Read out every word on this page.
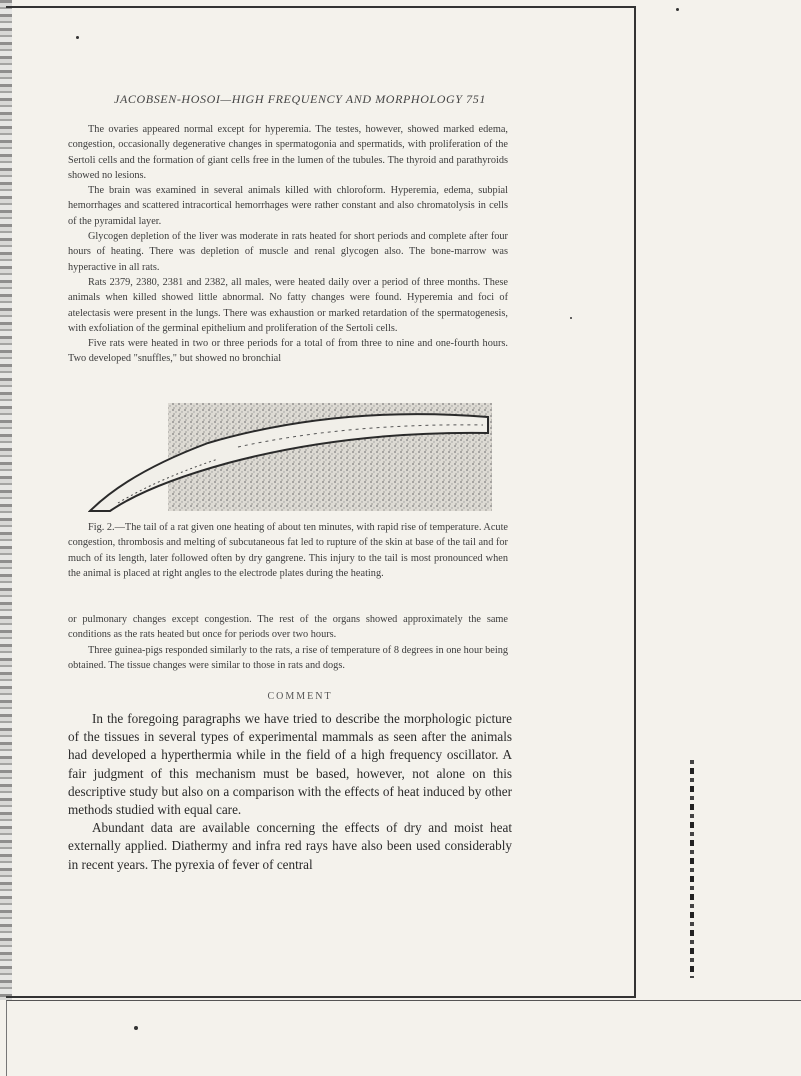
JACOBSEN-HOSOI—HIGH FREQUENCY AND MORPHOLOGY 751

The ovaries appeared normal except for hyperemia. The testes, however, showed marked edema, congestion, occasionally degenerative changes in spermatogonia and spermatids, with proliferation of the Sertoli cells and the formation of giant cells free in the lumen of the tubules. The thyroid and parathyroids showed no lesions.

The brain was examined in several animals killed with chloroform. Hyperemia, edema, subpial hemorrhages and scattered intracortical hemorrhages were rather constant and also chromatolysis in cells of the pyramidal layer.

Glycogen depletion of the liver was moderate in rats heated for short periods and complete after four hours of heating. There was depletion of muscle and renal glycogen also. The bone-marrow was hyperactive in all rats.

Rats 2379, 2380, 2381 and 2382, all males, were heated daily over a period of three months. These animals when killed showed little abnormal. No fatty changes were found. Hyperemia and foci of atelectasis were present in the lungs. There was exhaustion or marked retardation of the spermatogenesis, with exfoliation of the germinal epithelium and proliferation of the Sertoli cells.

Five rats were heated in two or three periods for a total of from three to nine and one-fourth hours. Two developed "snuffles," but showed no bronchial

Fig. 2.—The tail of a rat given one heating of about ten minutes, with rapid rise of temperature. Acute congestion, thrombosis and melting of subcutaneous fat led to rupture of the skin at base of the tail and for much of its length, later followed often by dry gangrene. This injury to the tail is most pronounced when the animal is placed at right angles to the electrode plates during the heating.

or pulmonary changes except congestion. The rest of the organs showed approximately the same conditions as the rats heated but once for periods over two hours.

Three guinea-pigs responded similarly to the rats, a rise of temperature of 8 degrees in one hour being obtained. The tissue changes were similar to those in rats and dogs.

COMMENT

In the foregoing paragraphs we have tried to describe the morphologic picture of the tissues in several types of experimental mammals as seen after the animals had developed a hyperthermia while in the field of a high frequency oscillator. A fair judgment of this mechanism must be based, however, not alone on this descriptive study but also on a comparison with the effects of heat induced by other methods studied with equal care.

Abundant data are available concerning the effects of dry and moist heat externally applied. Diathermy and infra red rays have also been used considerably in recent years. The pyrexia of fever of central
